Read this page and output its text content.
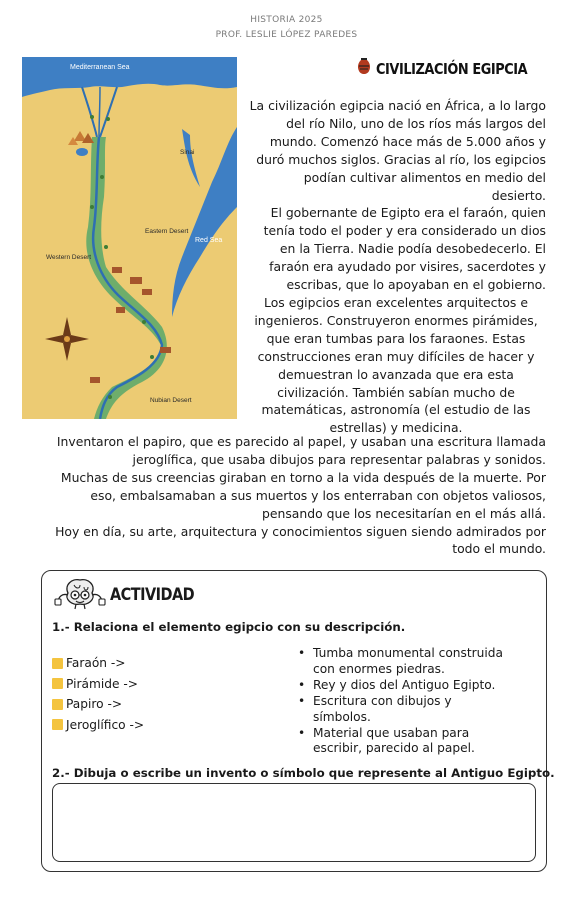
HISTORIA 2025
PROF. LESLIE LÓPEZ PAREDES
Mediterranean Sea
Sinai
Red Sea
Eastern Desert
Western Desert
Nubian Desert
CIVILIZACIÓN EGIPCIA

La civilización egipcia nació en África, a lo largo del río Nilo, uno de los ríos más largos del mundo. Comenzó hace más de 5.000 años y duró muchos siglos. Gracias al río, los egipcios podían cultivar alimentos en medio del desierto.

El gobernante de Egipto era el faraón, quien tenía todo el poder y era considerado un dios en la Tierra. Nadie podía desobedecerlo. El faraón era ayudado por visires, sacerdotes y escribas, que lo apoyaban en el gobierno.

Los egipcios eran excelentes arquitectos e ingenieros. Construyeron enormes pirámides, que eran tumbas para los faraones. Estas construcciones eran muy difíciles de hacer y demuestran lo avanzada que era esta civilización. También sabían mucho de matemáticas, astronomía (el estudio de las estrellas) y medicina.

Inventaron el papiro, que es parecido al papel, y usaban una escritura llamada jeroglífica, que usaba dibujos para representar palabras y sonidos.

Muchas de sus creencias giraban en torno a la vida después de la muerte. Por eso, embalsamaban a sus muertos y los enterraban con objetos valiosos, pensando que los necesitarían en el más allá.

Hoy en día, su arte, arquitectura y conocimientos siguen siendo admirados por todo el mundo.

ACTIVIDAD
1.- Relaciona el elemento egipcio con su descripción.
Faraón ->
Pirámide ->
Papiro ->
Jeroglífico ->
• Tumba monumental construida con enormes piedras.
• Rey y dios del Antiguo Egipto.
• Escritura con dibujos y símbolos.
• Material que usaban para escribir, parecido al papel.
2.- Dibuja o escribe un invento o símbolo que represente al Antiguo Egipto.
